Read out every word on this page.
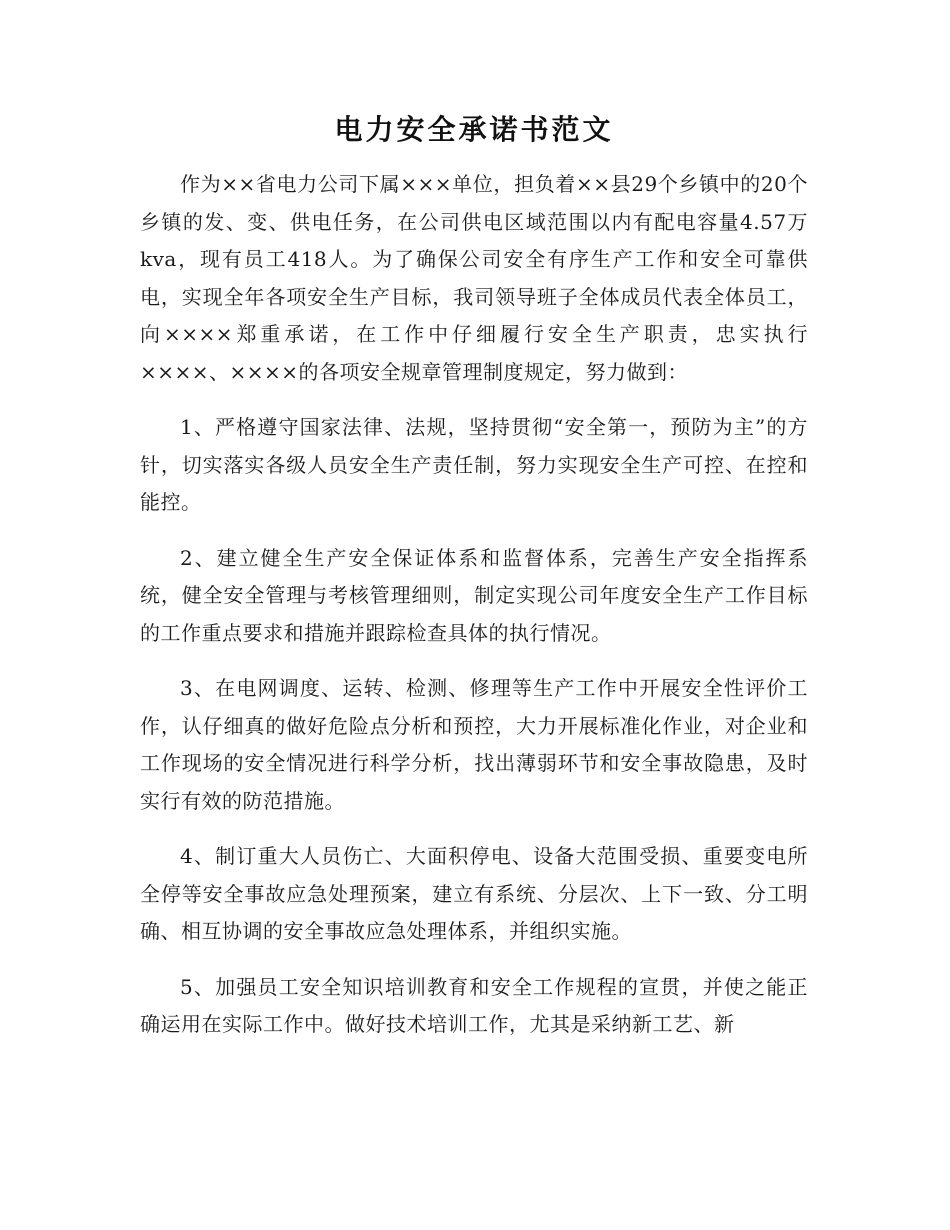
电力安全承诺书范文

作为××省电力公司下属×××单位，担负着××县29个乡镇中的20个乡镇的发、变、供电任务，在公司供电区域范围以内有配电容量4.57万kva，现有员工418人。为了确保公司安全有序生产工作和安全可靠供电，实现全年各项安全生产目标，我司领导班子全体成员代表全体员工，向××××郑重承诺，在工作中仔细履行安全生产职责，忠实执行××××、××××的各项安全规章管理制度规定，努力做到：

1、严格遵守国家法律、法规，坚持贯彻“安全第一，预防为主”的方针，切实落实各级人员安全生产责任制，努力实现安全生产可控、在控和能控。

2、建立健全生产安全保证体系和监督体系，完善生产安全指挥系统，健全安全管理与考核管理细则，制定实现公司年度安全生产工作目标的工作重点要求和措施并跟踪检查具体的执行情况。

3、在电网调度、运转、检测、修理等生产工作中开展安全性评价工作，认仔细真的做好危险点分析和预控，大力开展标准化作业，对企业和工作现场的安全情况进行科学分析，找出薄弱环节和安全事故隐患，及时实行有效的防范措施。

4、制订重大人员伤亡、大面积停电、设备大范围受损、重要变电所全停等安全事故应急处理预案，建立有系统、分层次、上下一致、分工明确、相互协调的安全事故应急处理体系，并组织实施。

5、加强员工安全知识培训教育和安全工作规程的宣贯，并使之能正确运用在实际工作中。做好技术培训工作，尤其是采纳新工艺、新
